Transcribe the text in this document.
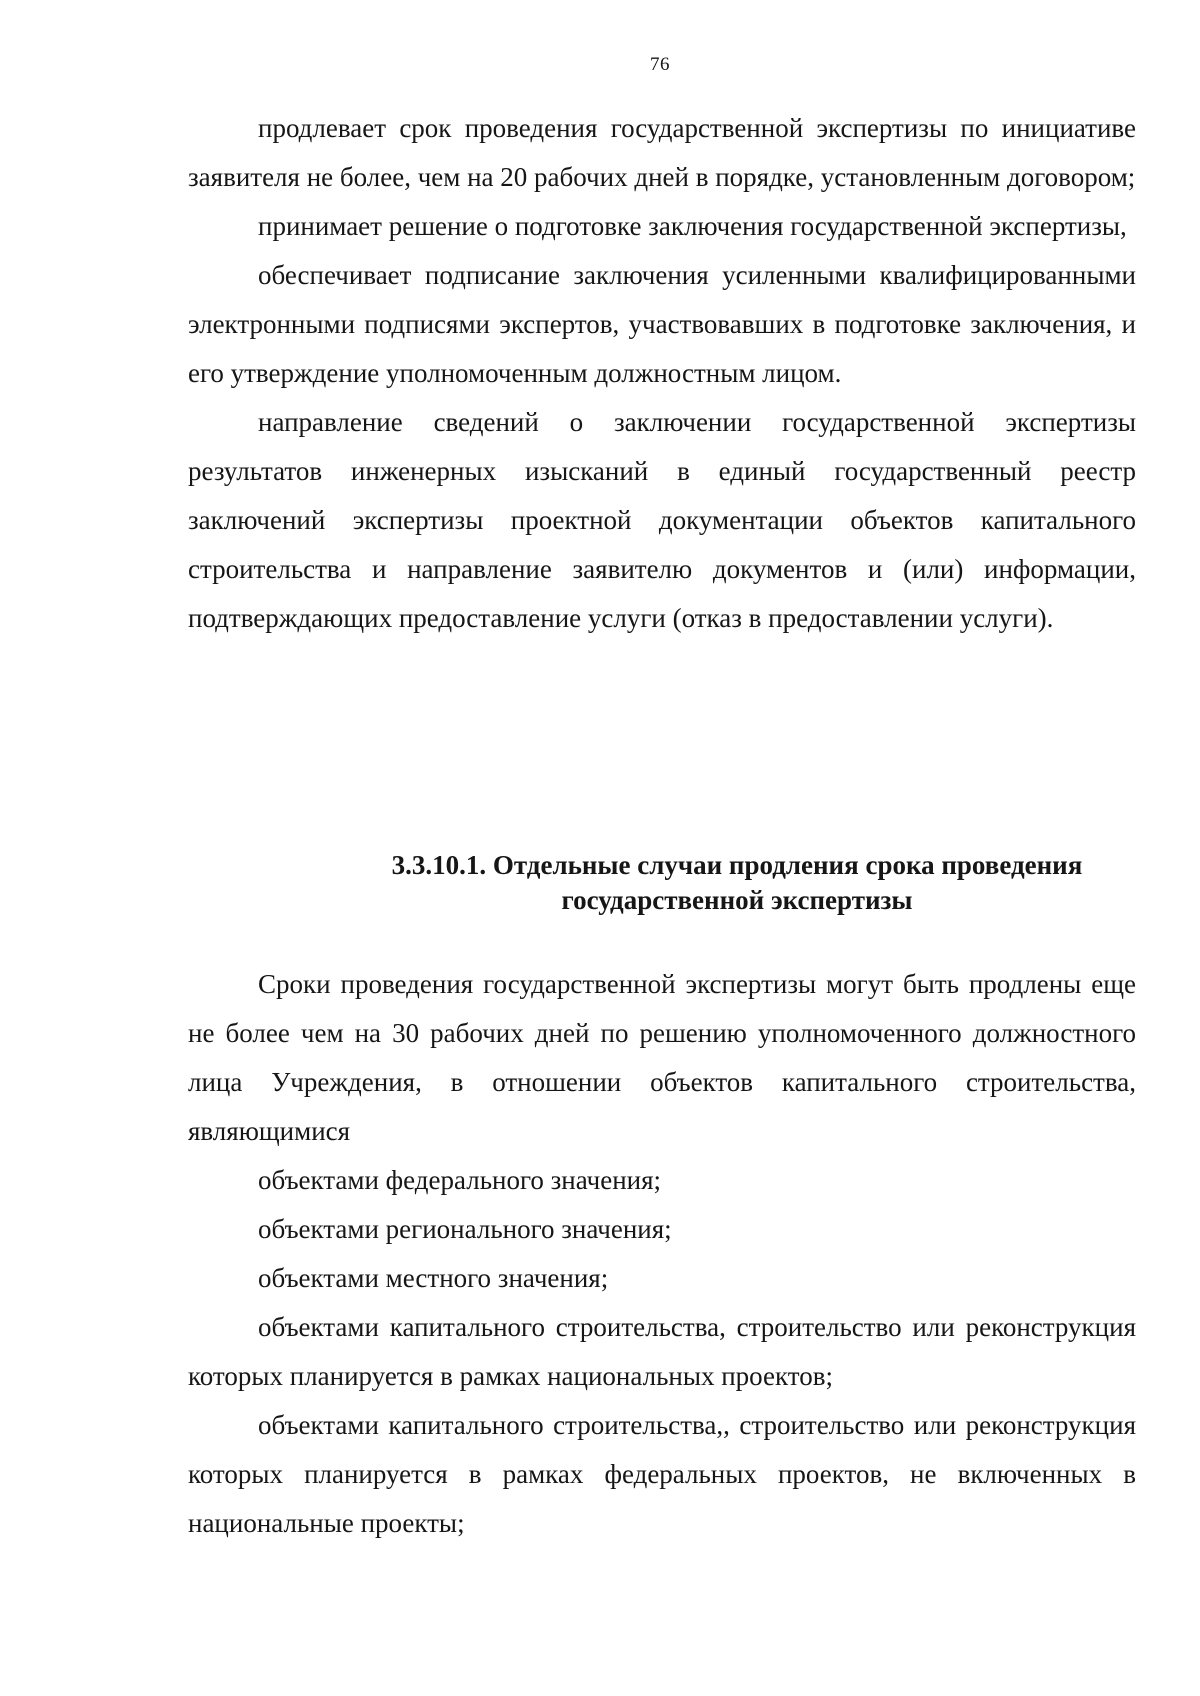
76

продлевает срок проведения государственной экспертизы по инициативе заявителя не более, чем на 20 рабочих дней в порядке, установленным договором;

принимает решение о подготовке заключения государственной экспертизы,

обеспечивает подписание заключения усиленными квалифицированными электронными подписями экспертов, участвовавших в подготовке заключения, и его утверждение уполномоченным должностным лицом.

направление сведений о заключении государственной экспертизы результатов инженерных изысканий в единый государственный реестр заключений экспертизы проектной документации объектов капитального строительства и направление заявителю документов и (или) информации, подтверждающих предоставление услуги (отказ в предоставлении услуги).

3.3.10.1. Отдельные случаи продления срока проведения
государственной экспертизы

Сроки проведения государственной экспертизы могут быть продлены еще не более чем на 30 рабочих дней по решению уполномоченного должностного лица Учреждения, в отношении объектов капитального строительства, являющимися

объектами федерального значения;

объектами регионального значения;

объектами местного значения;

объектами капитального строительства, строительство или реконструкция которых планируется в рамках национальных проектов;

объектами капитального строительства,, строительство или реконструкция которых планируется в рамках федеральных проектов, не включенных в национальные проекты;
